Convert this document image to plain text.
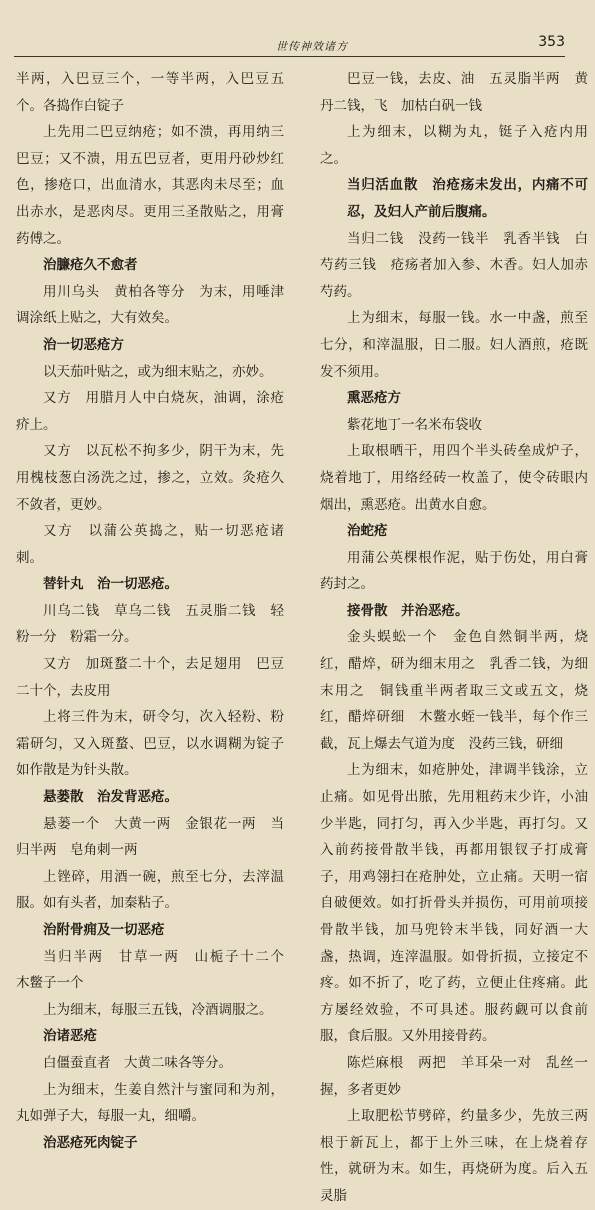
世传神效诸方	353

半两，入巴豆三个，一等半两，入巴豆五个。各捣作白锭子

上先用二巴豆纳疮；如不溃，再用纳三巴豆；又不溃，用五巴豆者，更用丹砂炒红色，掺疮口，出血清水，其恶肉未尽至；血出赤水，是恶肉尽。更用三圣散贴之，用膏药傅之。

治臁疮久不愈者

用川乌头　黄柏各等分　为末，用唾津调涂纸上贴之，大有效矣。

治一切恶疮方

以天茄叶贴之，或为细末贴之，亦妙。

又方　用腊月人中白烧灰，油调，涂疮疥上。

又方　以瓦松不拘多少，阴干为末，先用槐枝葱白汤洗之过，掺之，立效。灸疮久不敛者，更妙。

又方　以蒲公英捣之，贴一切恶疮诸刺。

替针丸　治一切恶疮。

川乌二钱　草乌二钱　五灵脂二钱　轻粉一分　粉霜一分。

又方　加斑蝥二十个，去足翅用　巴豆二十个，去皮用

上将三件为末，研令匀，次入轻粉、粉霜研匀，又入斑蝥、巴豆，以水调糊为锭子如作散是为针头散。

悬蒌散　治发背恶疮。

悬蒌一个　大黄一两　金银花一两　当归半两　皂角刺一两

上锉碎，用酒一碗，煎至七分，去滓温服。如有头者，加秦粘子。

治附骨痈及一切恶疮

当归半两　甘草一两　山栀子十二个　木鳖子一个

上为细末，每服三五钱，冷酒调服之。

治诸恶疮

白僵蚕直者　大黄二味各等分。

上为细末，生姜自然汁与蜜同和为剂，丸如弹子大，每服一丸，细嚼。

治恶疮死肉锭子

巴豆一钱，去皮、油　五灵脂半两　黄丹二钱，飞　加枯白矾一钱

上为细末，以糊为丸，铤子入疮内用之。

当归活血散　治疮疡未发出，内痛不可忍，及妇人产前后腹痛。

当归二钱　没药一钱半　乳香半钱　白芍药三钱　疮疡者加入参、木香。妇人加赤芍药。

上为细末，每服一钱。水一中盏，煎至七分，和滓温服，日二服。妇人酒煎，疮既发不须用。

熏恶疮方

紫花地丁一名米布袋收

上取根晒干，用四个半头砖垒成炉子，烧着地丁，用络经砖一枚盖了，使令砖眼内烟出，熏恶疮。出黄水自愈。

治蛇疮

用蒲公英棵根作泥，贴于伤处，用白膏药封之。

接骨散　并治恶疮。

金头蜈蚣一个　金色自然铜半两，烧红，醋焠，研为细末用之　乳香二钱，为细末用之　铜钱重半两者取三文或五文，烧红，醋焠研细　木鳖水蛭一钱半，每个作三截，瓦上爆去气道为度　没药三钱，研细

上为细末，如疮肿处，津调半钱涂，立止痛。如见骨出脓，先用粗药末少许，小油少半匙，同打匀，再入少半匙，再打匀。又入前药接骨散半钱，再都用银钗子打成膏子，用鸡翎扫在疮肿处，立止痛。天明一宿自破便效。如打折骨头并损伤，可用前项接骨散半钱，加马兜铃末半钱，同好酒一大盏，热调，连滓温服。如骨折损，立接定不疼。如不折了，吃了药，立便止住疼痛。此方屡经效验，不可具述。服药觑可以食前服，食后服。又外用接骨药。

陈烂麻根　两把　羊耳朵一对　乱丝一握，多者更妙

上取肥松节劈碎，约量多少，先放三两根于新瓦上，都于上外三味，在上烧着存性，就研为末。如生，再烧研为度。后入五灵脂
